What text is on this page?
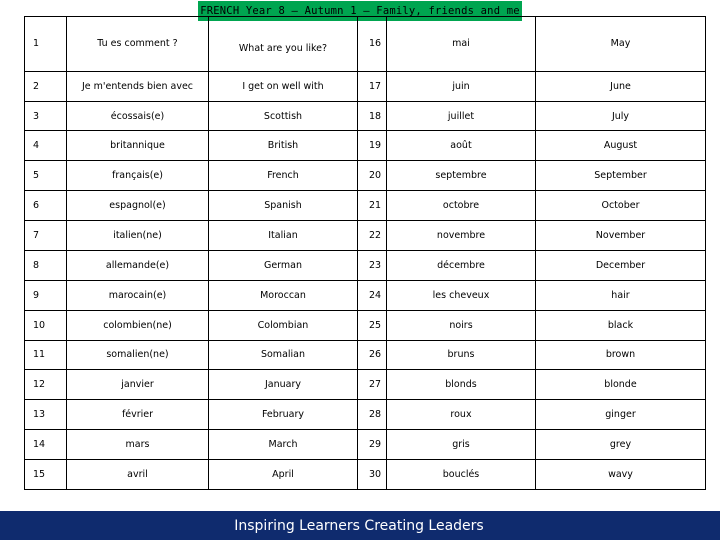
FRENCH Year 8 – Autumn 1 – Family, friends and me
1	Tu es comment ?	What are you like?	16	mai	May
2	Je m'entends bien avec	I get on well with	17	juin	June
3	écossais(e)	Scottish	18	juillet	July
4	britannique	British	19	août	August
5	français(e)	French	20	septembre	September
6	espagnol(e)	Spanish	21	octobre	October
7	italien(ne)	Italian	22	novembre	November
8	allemande(e)	German	23	décembre	December
9	marocain(e)	Moroccan	24	les cheveux	hair
10	colombien(ne)	Colombian	25	noirs	black
11	somalien(ne)	Somalian	26	bruns	brown
12	janvier	January	27	blonds	blonde
13	février	February	28	roux	ginger
14	mars	March	29	gris	grey
15	avril	April	30	bouclés	wavy
Inspiring Learners Creating Leaders
